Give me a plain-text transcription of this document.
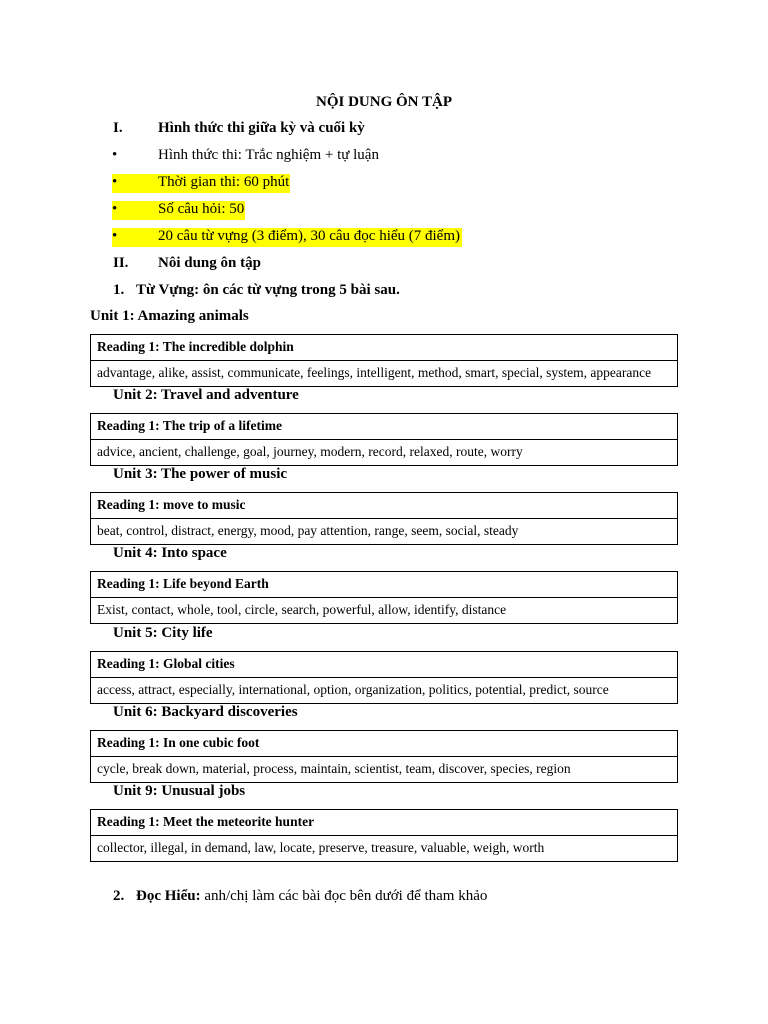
NỘI DUNG ÔN TẬP
I. Hình thức thi giữa kỳ và cuối kỳ
•	Hình thức thi: Trắc nghiệm + tự luận
•	Thời gian thi: 60 phút
•	Số câu hỏi: 50
•	20 câu từ vựng (3 điểm), 30 câu đọc hiểu (7 điểm)
II. Nôi dung ôn tập
1. Từ Vựng: ôn các từ vựng trong 5 bài sau.
Unit 1: Amazing animals
Reading 1: The incredible dolphin
advantage, alike, assist, communicate, feelings, intelligent, method, smart, special, system, appearance
Unit 2: Travel and adventure
Reading 1: The trip of a lifetime
advice, ancient, challenge, goal, journey, modern, record, relaxed, route, worry
Unit 3: The power of music
Reading 1: move to music
beat, control, distract, energy, mood, pay attention, range, seem, social, steady
Unit 4: Into space
Reading 1: Life beyond Earth
Exist, contact, whole, tool, circle, search, powerful, allow, identify, distance
Unit 5: City life
Reading 1: Global cities
access, attract, especially, international, option, organization, politics, potential, predict, source
Unit 6: Backyard discoveries
Reading 1: In one cubic foot
cycle, break down, material, process, maintain, scientist, team, discover, species, region
Unit 9: Unusual jobs
Reading 1: Meet the meteorite hunter
collector, illegal, in demand, law, locate, preserve, treasure, valuable, weigh, worth
2. Đọc Hiểu: anh/chị làm các bài đọc bên dưới để tham khảo
